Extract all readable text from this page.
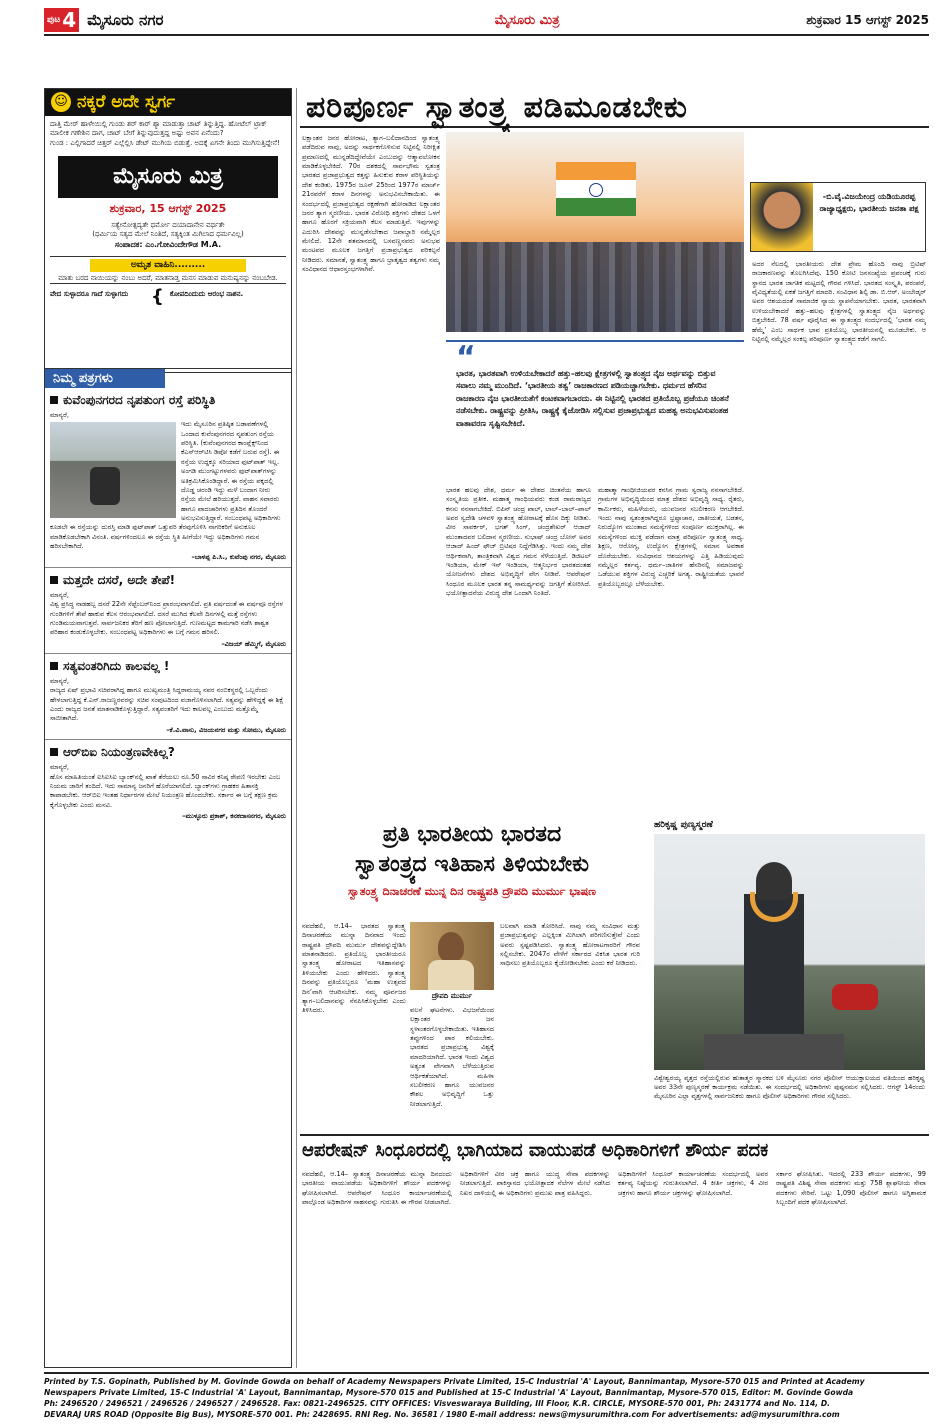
ಪುಟ 4 ಮೈಸೂರು ನಗರ	ಮೈಸೂರು ಮಿತ್ರ	ಶುಕ್ರವಾರ 15 ಆಗಸ್ಟ್ 2025
☺ ನಕ್ಕರೆ ಅದೇ ಸ್ವರ್ಗ

ದಾತ್ತಿ ಮೇರ್ ಹಾಳೇಯಿಲ್ಲಿ ಗುಂಡು ಶರ್ ಕಾರ್ ಶ್ಯಾ ಮಾಡುತ್ತಾ ಚಾಟ್ ತಿನ್ನುತ್ತಿದ್ದ. ಹೋಟೆಲ್ ಟ್ರಾಕ್ ಮಾಲೀಕ ಗಣೇಶಿನ ದಾಗ, ಚಾಟ್ ಬೇಗೆ ತಿನ್ನುವುದುತ್ತದ್ದ ಅಷ್ಟು ಅವನ ಏನೆಂದು?

ಗುಂಡ : ಎಲ್ಲಿಗಾದರೆ ಚಿತ್ತರ್ ಎಲ್ಲೆಲ್ಲಿಸಿ ಡೇಟ್ ಮುಗಿಯ ಬಿಡುತ್ತೆ. ಅದಕ್ಕೆ ಏಗನೇ ತಿಂದು ಮುಗಿಸುತ್ತಿದ್ದೇನೆ!

ಮೈಸೂರು ಮಿತ್ರ
ಶುಕ್ರವಾರ, 15 ಆಗಸ್ಟ್ 2025

ಸತ್ಯೇನೋತ್ಪದ್ಯತೇ ಧರ್ಮೋ ದಯಾದಾನೇನ ವರ್ಧತೇ

(ಧರ್ಮಿಯ ಸತ್ಯದ ಮೇಲೆ ನಿಂತಿದೆ, ಸತ್ಯಕ್ಕಿಂತ ಮಿಗಿಲಾದ ಧರ್ಮವಿಲ್ಲ)

ಸಂಪಾದಕ: ಎಂ.ಗೋವಿಂದೇಗೌಡ M.A.

ಅಮೃತ ವಾಹಿನಿ.........

ಮಾತು ಬರದ ನಾಯಿಯನ್ನು ನಂಬು ಅದರೆ, ಮಾತನಾಡ್ತ ಮನಸ ಮಾಡುವ ಮನುಷ್ಯನನ್ನು ನಂಬಬೇಡ.

ವೇದ ಸುಳ್ಳಾದರೂ ಗಾದೆ ಸುಳ್ಳಾಗದು	{ ಕೋಪದಿಂದುದು ಆರಂಭ ನಾಶನ.
ನಿಮ್ಮ ಪತ್ರಗಳು
ಕುವೆಂಪುನಗರದ ನೃಪತುಂಗ ರಸ್ತೆ ಪರಿಸ್ಥಿತಿ

ಮಾನ್ಯರೆ,

ಇದು ಮೈಸೂರಿನ ಪ್ರತಿಷ್ಠಿತ ಬಡಾವಣೆಗಳಲ್ಲಿ ಒಂದಾದ ಕುವೆಂಪುನಗರದ ನೃಪತುಂಗ ರಸ್ತೆಯ ಪರಿಸ್ಥಿತಿ. (ಕುವೆಂಪುನಗರದ ಕಾಂಪ್ಲೆಕ್ಸ್‌ನಿಂದ ಕೆಎಸ್‌ಆರ್‌ಟಿಸಿ ಡಿಪೋ ಕಡೆಗೆ ಬರುವ ರಸ್ತೆ). ಈ ರಸ್ತೆಯ ಉದ್ದಕ್ಕೂ ಸರಿಯಾದ ಫುಟ್‌ಪಾತ್ ಇಲ್ಲ. ಅಂಗಡಿ ಮುಂಗಟ್ಟುಗಳವರು ಫುಟ್‌ಪಾತ್‌ಗಳನ್ನು ಅತಿಕ್ರಮಿಸಿಕೊಂಡಿದ್ದಾರೆ. ಈ ರಸ್ತೆಯ ಪಕ್ಕದಲ್ಲಿ ದೊಡ್ಡ ಚರಂಡಿ ಇದ್ದು ಮಳೆ ಬಂದಾಗ ನೀರು ರಸ್ತೆಯ ಮೇಲೆ ಹರಿಯುತ್ತದೆ. ವಾಹನ ಸವಾರರು ಹಾಗೂ ಪಾದಚಾರಿಗಳು ಪ್ರತಿದಿನ ತೊಂದರೆ ಅನುಭವಿಸುತ್ತಿದ್ದಾರೆ. ಸಂಬಂಧಪಟ್ಟ ಅಧಿಕಾರಿಗಳು ಕೂಡಲೇ ಈ ರಸ್ತೆಯನ್ನು ದುರಸ್ತಿ ಮಾಡಿ ಫುಟ್‌ಪಾತ್ ಒತ್ತುವರಿ ತೆರವುಗೊಳಿಸಿ ನಾಗರಿಕರಿಗೆ ಅನುಕೂಲ ಮಾಡಿಕೊಡಬೇಕಾಗಿ ವಿನಂತಿ. ವರ್ಷಗಳಿಂದಲೂ ಈ ರಸ್ತೆಯ ಸ್ಥಿತಿ ಹೀಗೆಯೇ ಇದ್ದು ಅಧಿಕಾರಿಗಳು ಗಮನ ಹರಿಸಬೇಕಾಗಿದೆ.

–ಬಾಳಪ್ಪ ಪಿ.ಸಿ., ಕುವೆಂಪು ನಗರ, ಮೈಸೂರು

ಮತ್ತದೇ ದಸರೆ, ಅದೇ ತೇಪೆ!

ಮಾನ್ಯರೆ,

ವಿಶ್ವ ಪ್ರಸಿದ್ಧ ನಾಡಹಬ್ಬ ದಸರೆ 22ನೇ ಸೆಪ್ಟೆಂಬರ್‌ನಿಂದ ಪ್ರಾರಂಭವಾಗಲಿದೆ. ಪ್ರತಿ ವರ್ಷದಂತೆ ಈ ವರ್ಷವೂ ರಸ್ತೆಗಳ ಗುಂಡಿಗಳಿಗೆ ತೇಪೆ ಹಾಕುವ ಕೆಲಸ ಆರಂಭವಾಗಲಿದೆ. ದಸರೆ ಮುಗಿದ ಕೆಲವೇ ದಿನಗಳಲ್ಲಿ ಮತ್ತೆ ರಸ್ತೆಗಳು ಗುಂಡಿಮಯವಾಗುತ್ತವೆ. ಸಾರ್ವಜನಿಕರ ತೆರಿಗೆ ಹಣ ಪೋಲಾಗುತ್ತಿದೆ. ಗುಣಮಟ್ಟದ ಕಾಮಗಾರಿ ನಡೆಸಿ ಶಾಶ್ವತ ಪರಿಹಾರ ಕಂಡುಕೊಳ್ಳಬೇಕು. ಸಂಬಂಧಪಟ್ಟ ಅಧಿಕಾರಿಗಳು ಈ ಬಗ್ಗೆ ಗಮನ ಹರಿಸಲಿ.

–ವಿಜಯ್ ಹೆಮ್ಮಿಗೆ, ಮೈಸೂರು

ಸತ್ಯವಂತರಿಗಿದು ಕಾಲವಲ್ಲ !

ಮಾನ್ಯರೆ,

ರಾಜ್ಯದ ಏಷ್ ಪ್ರಭಾವಿ ಸಚಿವರಾಗಿದ್ದ ಹಾಗೂ ಮುಖ್ಯಮಂತ್ರಿ ಸಿದ್ದರಾಮಯ್ಯ ನವರ ನಂಬಿಕಸ್ಥರಲ್ಲಿ ಒಬ್ಬರೆಂದು ಹೇಳಲಾಗುತ್ತಿದ್ದ ಕೆ.ಎನ್.ರಾಜಣ್ಣರವರನ್ನು ಸಚಿವ ಸಂಪುಟದಿಂದ ವಜಾಗೊಳಿಸಲಾಗಿದೆ. ಸತ್ಯವನ್ನು ಹೇಳಿದ್ದಕ್ಕೆ ಈ ಶಿಕ್ಷೆ ಎಂದು ರಾಜ್ಯದ ಜನತೆ ಮಾತನಾಡಿಕೊಳ್ಳುತ್ತಿದ್ದಾರೆ. ಸತ್ಯವಂತರಿಗೆ ಇದು ಕಾಲವಲ್ಲ ಎಂಬುದು ಮತ್ತೊಮ್ಮೆ ಸಾಬೀತಾಗಿದೆ.

–ಕೆ.ವಿ.ವಾಸು, ವಿಜಯನಗರ ಮತ್ತು ಸೋಮು, ಮೈಸೂರು

ಆರ್‌ಬಿಐ ನಿಯಂತ್ರಣವೇಕಿಲ್ಲ?

ಮಾನ್ಯರೆ,

ಹೊಸ ಮಾಹಿತಿಯಂತೆ ಐಸಿಐಸಿಐ ಬ್ಯಾಂಕ್‌ನಲ್ಲಿ ಖಾತೆ ತೆರೆಯಲು ರೂ.50 ಸಾವಿರ ಕನಿಷ್ಠ ಠೇವಣಿ ಇರಬೇಕು ಎಂಬ ನಿಯಮ ಜಾರಿಗೆ ತಂದಿದೆ. ಇದು ಸಾಮಾನ್ಯ ಜನರಿಗೆ ಹೊರೆಯಾಗಲಿದೆ. ಬ್ಯಾಂಕ್‌ಗಳು ಗ್ರಾಹಕರ ಹಿತಾಸಕ್ತಿ ಕಾಪಾಡಬೇಕು. ಆರ್‌ಬಿಐ ಇಂತಹ ನಿರ್ಧಾರಗಳ ಮೇಲೆ ನಿಯಂತ್ರಣ ಹೊಂದಬೇಕು. ಸರ್ಕಾರ ಈ ಬಗ್ಗೆ ತಕ್ಷಣ ಕ್ರಮ ಕೈಗೊಳ್ಳಬೇಕು ಎಂದು ಮನವಿ.

–ಮುಳ್ಳೂರು ಪ್ರಕಾಶ್, ಕನಕದಾಸನಗರ, ಮೈಸೂರು

ಪರಿಪೂರ್ಣ ಸ್ವಾತಂತ್ರ್ಯ ಪಡಿಮೂಡಬೇಕು
ಲಕ್ಷಾಂತರ ಜನರ ಹೋರಾಟ, ತ್ಯಾಗ–ಬಲಿದಾನದಿಂದ ಸ್ವಾತಂತ್ರ್ಯ ಪಡೆದಿರುವ ನಾವು, ಅದನ್ನು ಸಾರ್ಥಕಗೊಳಿಸುವ ನಿಟ್ಟಿನಲ್ಲಿ ನಿರೀಕ್ಷಿತ ಪ್ರಮಾಣದಲ್ಲಿ ಮುನ್ನಡೆದಿದ್ದೇವೆಯೇ ಎಂಬುದನ್ನು ಆತ್ಮಾವಲೋಕನ ಮಾಡಿಕೊಳ್ಳಬೇಕಿದೆ. 70ರ ದಶಕದಲ್ಲಿ ಸಾರ್ವಭೌಮ ಸ್ವತಂತ್ರ ಭಾರತದ ಪ್ರಜಾಪ್ರಭುತ್ವದ ಕತ್ತನ್ನು ಹಿಸುಕುವ ಕರಾಳ ಪರಿಸ್ಥಿತಿಯನ್ನು ದೇಶ ಕಂಡಿತು. 1975ರ ಜೂನ್ 25ರಿಂದ 1977ರ ಮಾರ್ಚ್ 21ರವರೆಗೆ ಕರಾಳ ದಿನಗಳನ್ನು ಅನುಭವಿಸಬೇಕಾಯಿತು. ಈ ಸಂದರ್ಭದಲ್ಲಿ ಪ್ರಜಾಪ್ರಭುತ್ವದ ರಕ್ಷಣೆಗಾಗಿ ಹೋರಾಡಿದ ಲಕ್ಷಾಂತರ ಜನರ ತ್ಯಾಗ ಸ್ಮರಣೀಯ. ಭಾರತ ವಿರೋಧಿ ಶಕ್ತಿಗಳು ದೇಶದ ಒಳಗೆ ಹಾಗೂ ಹೊರಗೆ ಸಕ್ರಿಯವಾಗಿ ಕೆಲಸ ಮಾಡುತ್ತಿವೆ. ಇವುಗಳನ್ನು ಎದುರಿಸಿ ದೇಶವನ್ನು ಮುನ್ನಡೆಸಬೇಕಾದ ಜವಾಬ್ದಾರಿ ನಮ್ಮೆಲ್ಲರ ಮೇಲಿದೆ. 12ನೇ ಶತಮಾನದಲ್ಲಿ ಬಸವಣ್ಣನವರು ಅನುಭವ ಮಂಟಪದ ಮೂಲಕ ಜಗತ್ತಿಗೆ ಪ್ರಜಾಪ್ರಭುತ್ವದ ಪರಿಕಲ್ಪನೆ ನೀಡಿದರು. ಸಮಾನತೆ, ಸ್ವಾತಂತ್ರ್ಯ ಹಾಗೂ ಭ್ರಾತೃತ್ವದ ತತ್ವಗಳು ನಮ್ಮ ಸಂವಿಧಾನದ ಆಧಾರಸ್ತಂಭಗಳಾಗಿವೆ.
“

ಭಾರತ, ಭಾರತವಾಗಿ ಉಳಿಯಬೇಕಾದರೆ ಹತ್ತು–ಹಲವು ಕ್ಷೇತ್ರಗಳಲ್ಲಿ ಸ್ವಾತಂತ್ರ್ಯದ ನೈಜ ಅರ್ಥವನ್ನು ಬಿತ್ತುವ ಸವಾಲು ನಮ್ಮ ಮುಂದಿದೆ. ‘ಭಾರತೀಯ ತತ್ವ’ ರಾಜಕಾರಣದ ಪಡಿಯಚ್ಚಾಗಬೇಕು. ಧರ್ಮದ ಹೆಸರಿನ ರಾಜಕಾರಣ ನೈಜ ಭಾರತೀಯತೆಗೆ ಕಂಟಕವಾಗಬಾರದು. ಈ ನಿಟ್ಟಿನಲ್ಲಿ ಭಾರತದ ಪ್ರತಿಯೊಬ್ಬ ಪ್ರಜೆಯೂ ಚಿಂತನೆ ನಡೆಸಬೇಕು. ರಾಷ್ಟ್ರವನ್ನು ಪ್ರೀತಿಸಿ, ರಾಷ್ಟ್ರಕ್ಕೆ ಕೈಜೋಡಿಸಿ ಸಲ್ಲಿಸುವ ಪ್ರಜಾಪ್ರಭುತ್ವದ ಮಹತ್ವ ಅನುಭವಿಸುವಂತಹ ವಾತಾವರಣ ಸೃಷ್ಟಿಸಬೇಕಿದೆ.

ಭಾರತ ಹಲವು ದೇಶ, ಧರ್ಮ ಈ ದೇಶದ ಚಿಂತನೆಯ ಹಾಗೂ ಸಂಸ್ಕೃತಿಯ ಪ್ರತೀಕ. ಮಹಾತ್ಮ ಗಾಂಧಿಯವರು ಕಂಡ ರಾಮರಾಜ್ಯದ ಕನಸು ನನಸಾಗಬೇಕಿದೆ. ಬಿಪಿನ್ ಚಂದ್ರ ಪಾಲ್, ಲಾಲ್–ಬಾಲ್–ಪಾಲ್ ಅವರ ಸ್ವದೇಶಿ ಚಳವಳಿ ಸ್ವಾತಂತ್ರ್ಯ ಹೋರಾಟಕ್ಕೆ ಹೊಸ ದಿಕ್ಕು ನೀಡಿತು. ವೀರ ಸಾವರ್ಕರ್, ಭಗತ್ ಸಿಂಗ್, ಚಂದ್ರಶೇಖರ್ ಆಜಾದ್ ಮುಂತಾದವರ ಬಲಿದಾನ ಸ್ಮರಣೀಯ. ಸುಭಾಷ್ ಚಂದ್ರ ಬೋಸ್ ಅವರ ಆಜಾದ್ ಹಿಂದ್ ಫೌಜ್ ಬ್ರಿಟಿಷರ ನಿದ್ದೆಗೆಡಿಸಿತ್ತು. ಇಂದು ನಮ್ಮ ದೇಶ ಆರ್ಥಿಕವಾಗಿ, ತಾಂತ್ರಿಕವಾಗಿ ವಿಶ್ವದ ಗಮನ ಸೆಳೆಯುತ್ತಿದೆ. ಡಿಜಿಟಲ್ ಇಂಡಿಯಾ, ಮೇಕ್ ಇನ್ ಇಂಡಿಯಾ, ಆತ್ಮನಿರ್ಭರ ಭಾರತದಂತಹ ಯೋಜನೆಗಳು ದೇಶದ ಅಭಿವೃದ್ಧಿಗೆ ವೇಗ ನೀಡಿವೆ. ಆಪರೇಷನ್ ಸಿಂಧೂರ ಮೂಲಕ ಭಾರತ ತನ್ನ ಸಾಮರ್ಥ್ಯವನ್ನು ಜಗತ್ತಿಗೆ ತೋರಿಸಿದೆ. ಭಯೋತ್ಪಾದನೆಯ ವಿರುದ್ಧ ದೇಶ ಒಂದಾಗಿ ನಿಂತಿದೆ.
ಮಹಾತ್ಮಾ ಗಾಂಧೀಜಿಯವರ ಕನಸಿನ ಗ್ರಾಮ ಸ್ವರಾಜ್ಯ ನನಸಾಗಬೇಕಿದೆ. ಗ್ರಾಮಗಳ ಅಭಿವೃದ್ಧಿಯಿಂದ ಮಾತ್ರ ದೇಶದ ಅಭಿವೃದ್ಧಿ ಸಾಧ್ಯ. ರೈತರು, ಕಾರ್ಮಿಕರು, ಮಹಿಳೆಯರು, ಯುವಜನರ ಸಬಲೀಕರಣ ಆಗಬೇಕಿದೆ. ಇಂದು ನಾವು ಸ್ವತಂತ್ರರಾಗಿದ್ದರೂ ಭ್ರಷ್ಟಾಚಾರ, ಜಾತೀಯತೆ, ಬಡತನ, ನಿರುದ್ಯೋಗ ಮುಂತಾದ ಸಮಸ್ಯೆಗಳಿಂದ ಸಂಪೂರ್ಣ ಮುಕ್ತರಾಗಿಲ್ಲ. ಈ ಸಮಸ್ಯೆಗಳಿಂದ ಮುಕ್ತಿ ಪಡೆದಾಗ ಮಾತ್ರ ಪರಿಪೂರ್ಣ ಸ್ವಾತಂತ್ರ್ಯ ಸಾಧ್ಯ. ಶಿಕ್ಷಣ, ಆರೋಗ್ಯ, ಉದ್ಯೋಗ ಕ್ಷೇತ್ರಗಳಲ್ಲಿ ಸಮಾನ ಅವಕಾಶ ದೊರೆಯಬೇಕು. ಸಂವಿಧಾನದ ಆಶಯಗಳನ್ನು ಎತ್ತಿ ಹಿಡಿಯುವುದು ನಮ್ಮೆಲ್ಲರ ಕರ್ತವ್ಯ. ಧರ್ಮ–ಜಾತಿಗಳ ಹೆಸರಿನಲ್ಲಿ ಸಮಾಜವನ್ನು ಒಡೆಯುವ ಶಕ್ತಿಗಳ ವಿರುದ್ಧ ಎಚ್ಚರಿಕೆ ಅಗತ್ಯ. ರಾಷ್ಟ್ರೀಯತೆಯ ಭಾವನೆ ಪ್ರತಿಯೊಬ್ಬರಲ್ಲೂ ಬೆಳೆಯಬೇಕು.
-ಬಿ.ವೈ.ವಿಜಯೇಂದ್ರ ಯಡಿಯೂರಪ್ಪ ರಾಜ್ಯಾಧ್ಯಕ್ಷರು, ಭಾರತೀಯ ಜನತಾ ಪಕ್ಷ
ಅದರ ನೆಲದಲ್ಲಿ ಭಾರತೀಯರು ದೇಶ ಪ್ರೇಮ ಹೊಂದಿ ನಾವು ಬ್ರಿಟಿಷ್ ರಾಜಕಾರಣವನ್ನು ತೊಲಗಿಸಿದೆವು. 150 ಕೋಟಿ ಜನಸಂಖ್ಯೆಯ ಪ್ರಪಂಚಕ್ಕೆ ಗುರು ಸ್ಥಾನದ ಭಾರತ ಜಾಗತಿಕ ಮಟ್ಟದಲ್ಲಿ ಗೌರವ ಗಳಿಸಿದೆ. ಭಾರತದ ಸಂಸ್ಕೃತಿ, ಪರಂಪರೆ, ವೈವಿಧ್ಯತೆಯಲ್ಲಿ ಏಕತೆ ಜಗತ್ತಿಗೆ ಮಾದರಿ. ಸಂವಿಧಾನ ಶಿಲ್ಪಿ ಡಾ. ಬಿ.ಆರ್. ಅಂಬೇಡ್ಕರ್ ಅವರ ಆಶಯದಂತೆ ಸಾಮಾಜಿಕ ನ್ಯಾಯ ಸ್ಥಾಪನೆಯಾಗಬೇಕು. ಭಾರತ, ಭಾರತವಾಗಿ ಉಳಿಯಬೇಕಾದರೆ ಹತ್ತು–ಹಲವು ಕ್ಷೇತ್ರಗಳಲ್ಲಿ ಸ್ವಾತಂತ್ರ್ಯದ ನೈಜ ಅರ್ಥವನ್ನು ಬಿತ್ತಬೇಕಿದೆ. 78 ವರ್ಷ ಪೂರೈಸಿದ ಈ ಸ್ವಾತಂತ್ರ್ಯದ ಸಂದರ್ಭದಲ್ಲಿ ‘ಭಾರತ ನಮ್ಮ ಹೆಮ್ಮೆ’ ಎಂಬ ಸಾರ್ಥಕ ಭಾವ ಪ್ರತಿಯೊಬ್ಬ ಭಾರತೀಯನಲ್ಲಿ ಮೂಡಬೇಕು. ಆ ನಿಟ್ಟಿನಲ್ಲಿ ನಮ್ಮೆಲ್ಲರ ಸಂಕಲ್ಪ ಪರಿಪೂರ್ಣ ಸ್ವಾತಂತ್ರ್ಯದ ಕಡೆಗೆ ಸಾಗಲಿ.
ಪ್ರತಿ ಭಾರತೀಯ ಭಾರತದ
ಸ್ವಾತಂತ್ರ್ಯದ ಇತಿಹಾಸ ತಿಳಿಯಬೇಕು
ಸ್ವಾತಂತ್ರ್ಯ ದಿನಾಚರಣೆ ಮುನ್ನ ದಿನ ರಾಷ್ಟ್ರಪತಿ ದ್ರೌಪದಿ ಮುರ್ಮು ಭಾಷಣ
ನವದೆಹಲಿ, ಆ.14– ಭಾರತದ ಸ್ವಾತಂತ್ರ್ಯ ದಿನಾಚರಣೆಯ ಮುನ್ನಾ ದಿನವಾದ ಇಂದು ರಾಷ್ಟ್ರಪತಿ ದ್ರೌಪದಿ ಮುರ್ಮು ದೇಶವನ್ನುದ್ದೇಶಿಸಿ ಮಾತನಾಡಿದರು. ಪ್ರತಿಯೊಬ್ಬ ಭಾರತೀಯರೂ ಸ್ವಾತಂತ್ರ್ಯ ಹೋರಾಟದ ಇತಿಹಾಸವನ್ನು ತಿಳಿಯಬೇಕು ಎಂದು ಹೇಳಿದರು. ಸ್ವಾತಂತ್ರ್ಯ ದಿನವನ್ನು ಪ್ರತಿಯೊಬ್ಬರೂ ‘ಮಹಾ ಉತ್ಸವದ ದಿನ’ವಾಗಿ ಆಚರಿಸಬೇಕು. ನಮ್ಮ ಪೂರ್ವಜರ ತ್ಯಾಗ–ಬಲಿದಾನವನ್ನು ನೆನಪಿಸಿಕೊಳ್ಳಬೇಕು ಎಂದು ತಿಳಿಸಿದರು.
ದ್ರೌಪದಿ ಮುರ್ಮು
ವಲಸೆ ಘಟನೆಗಳು. ವಿಭಜನೆಯಿಂದ ಲಕ್ಷಾಂತರ ಜನ ಸ್ಥಳಾಂತರಗೊಳ್ಳಬೇಕಾಯಿತು. ಇತಿಹಾಸದ ತಪ್ಪುಗಳಿಂದ ಪಾಠ ಕಲಿಯಬೇಕು. ಭಾರತದ ಪ್ರಜಾಪ್ರಭುತ್ವ ವಿಶ್ವಕ್ಕೆ ಮಾದರಿಯಾಗಿದೆ. ಭಾರತ ಇಂದು ವಿಶ್ವದ ಅತ್ಯಂತ ವೇಗವಾಗಿ ಬೆಳೆಯುತ್ತಿರುವ ಆರ್ಥಿಕತೆಯಾಗಿದೆ. ಮಹಿಳಾ ಸಬಲೀಕರಣ ಹಾಗೂ ಯುವಜನರ ಕೌಶಲ ಅಭಿವೃದ್ಧಿಗೆ ಒತ್ತು ನೀಡಲಾಗುತ್ತಿದೆ.
ಬಲವಾಗಿ ಮಾಡಿ ತೋರಿಸಿದೆ. ನಾವು ನಮ್ಮ ಸಂವಿಧಾನ ಮತ್ತು ಪ್ರಜಾಪ್ರಭುತ್ವವನ್ನು ಎಲ್ಲಕ್ಕಿಂತ ಮಿಗಿಲಾಗಿ ಪರಿಗಣಿಸುತ್ತೇವೆ ಎಂದು ಅವರು ಸ್ಪಷ್ಟಪಡಿಸಿದರು. ಸ್ವಾತಂತ್ರ್ಯ ಹೋರಾಟಗಾರರಿಗೆ ಗೌರವ ಸಲ್ಲಿಸಬೇಕು. 2047ರ ವೇಳೆಗೆ ಸರ್ಕಾರದ ವಿಕಸಿತ ಭಾರತ ಗುರಿ ಸಾಧಿಸಲು ಪ್ರತಿಯೊಬ್ಬರೂ ಕೈಜೋಡಿಸಬೇಕು ಎಂದು ಕರೆ ನೀಡಿದರು.
ಹರಿಕೃಷ್ಣ ಪುಣ್ಯಸ್ಮರಣೆ
ವಿಶ್ವೇಶ್ವರಯ್ಯ ವೃತ್ತದ ರಸ್ತೆಯಲ್ಲಿರುವ ಹುತಾತ್ಮರ ಸ್ಮಾರಕದ ಬಳಿ ಮೈಸೂರು ನಗರ ಪೊಲೀಸ್ ಆಯುಕ್ತಾಲಯದ ವತಿಯಿಂದ ಹರಿಕೃಷ್ಣ ಅವರ 33ನೇ ಪುಣ್ಯಸ್ಮರಣೆ ಕಾರ್ಯಕ್ರಮ ನಡೆಯಿತು. ಈ ಸಂದರ್ಭದಲ್ಲಿ ಅಧಿಕಾರಿಗಳು ಪುಷ್ಪನಮನ ಸಲ್ಲಿಸಿದರು. ಆಗಸ್ಟ್ 14ರಂದು ಮೈಸೂರಿನ ಎಲ್ಲಾ ವೃತ್ತಗಳಲ್ಲಿ ಸಾರ್ವಜನಿಕರು ಹಾಗೂ ಪೊಲೀಸ್ ಅಧಿಕಾರಿಗಳು ಗೌರವ ಸಲ್ಲಿಸಿದರು.
ಆಪರೇಷನ್ ಸಿಂಧೂರದಲ್ಲಿ ಭಾಗಿಯಾದ ವಾಯುಪಡೆ ಅಧಿಕಾರಿಗಳಿಗೆ ಶೌರ್ಯ ಪದಕ
ನವದೆಹಲಿ, ಆ.14– ಸ್ವಾತಂತ್ರ್ಯ ದಿನಾಚರಣೆಯ ಮುನ್ನಾ ದಿನದಂದು ಭಾರತೀಯ ವಾಯುಪಡೆಯ ಅಧಿಕಾರಿಗಳಿಗೆ ಶೌರ್ಯ ಪದಕಗಳನ್ನು ಘೋಷಿಸಲಾಗಿದೆ. ಆಪರೇಷನ್ ಸಿಂಧೂರ ಕಾರ್ಯಾಚರಣೆಯಲ್ಲಿ ಪಾಲ್ಗೊಂಡ ಅಧಿಕಾರಿಗಳ ಸಾಹಸವನ್ನು ಗುರುತಿಸಿ ಈ ಗೌರವ ನೀಡಲಾಗಿದೆ.
ಅಧಿಕಾರಿಗಳಿಗೆ ವೀರ ಚಕ್ರ ಹಾಗೂ ಯುದ್ಧ ಸೇವಾ ಪದಕಗಳನ್ನು ನೀಡಲಾಗುತ್ತಿದೆ. ಪಾಕಿಸ್ತಾನದ ಭಯೋತ್ಪಾದಕ ನೆಲೆಗಳ ಮೇಲೆ ನಡೆಸಿದ ನಿಖರ ದಾಳಿಯಲ್ಲಿ ಈ ಅಧಿಕಾರಿಗಳು ಪ್ರಮುಖ ಪಾತ್ರ ವಹಿಸಿದ್ದರು.
ಅಧಿಕಾರಿಗಳಿಗೆ ಸಿಂಧೂರ್ ಕಾರ್ಯಾಚರಣೆಯ ಸಂದರ್ಭದಲ್ಲಿ ಅವರ ಕರ್ತವ್ಯ ನಿಷ್ಠೆಯನ್ನು ಗುರುತಿಸಲಾಗಿದೆ. 4 ಕೀರ್ತಿ ಚಕ್ರಗಳು, 4 ವೀರ ಚಕ್ರಗಳು ಹಾಗೂ ಶೌರ್ಯ ಚಕ್ರಗಳನ್ನು ಘೋಷಿಸಲಾಗಿದೆ.
ಸರ್ಕಾರ ಘೋಷಿಸಿತು. ಇದರಲ್ಲಿ 233 ಶೌರ್ಯ ಪದಕಗಳು, 99 ರಾಷ್ಟ್ರಪತಿ ವಿಶಿಷ್ಟ ಸೇವಾ ಪದಕಗಳು ಮತ್ತು 758 ಶ್ಲಾಘನೀಯ ಸೇವಾ ಪದಕಗಳು ಸೇರಿವೆ. ಒಟ್ಟು 1,090 ಪೊಲೀಸ್ ಹಾಗೂ ಅಗ್ನಿಶಾಮಕ ಸಿಬ್ಬಂದಿಗೆ ಪದಕ ಘೋಷಿಸಲಾಗಿದೆ.
Printed by T.S. Gopinath, Published by M. Govinde Gowda on behalf of Academy Newspapers Private Limited, 15-C Industrial 'A' Layout, Bannimantap, Mysore-570 015 and Printed at Academy
Newspapers Private Limited, 15-C Industrial 'A' Layout, Bannimantap, Mysore-570 015 and Published at 15-C Industrial 'A' Layout, Bannimantap, Mysore-570 015, Editor: M. Govinde Gowda
Ph: 2496520 / 2496521 / 2496526 / 2496527 / 2496528. Fax: 0821-2496525. CITY OFFICES: Visveswaraya Building, III Floor, K.R. CIRCLE, MYSORE-570 001, Ph: 2431774 and No. 114, D.
DEVARAJ URS ROAD (Opposite Big Bus), MYSORE-570 001. Ph: 2428695. RNI Reg. No. 36581 / 1980 E-mail address: news@mysurumithra.com For advertisements: ad@mysurumithra.com
